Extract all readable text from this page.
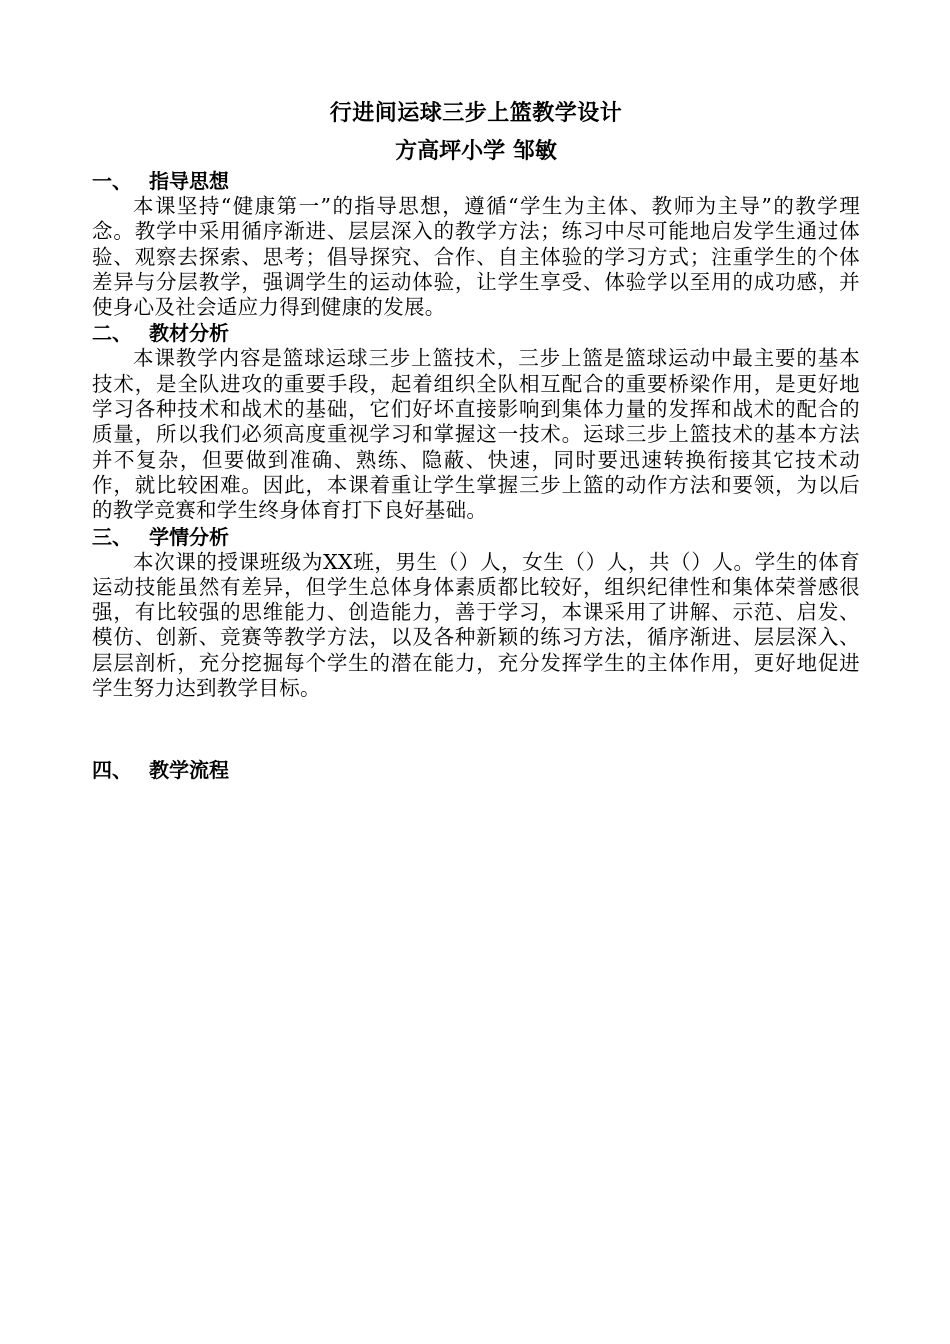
行进间运球三步上篮教学设计
方高坪小学 邹敏
一、 指导思想

本课坚持“健康第一”的指导思想，遵循“学生为主体、教师为主导”的教学理念。教学中采用循序渐进、层层深入的教学方法；练习中尽可能地启发学生通过体验、观察去探索、思考；倡导探究、合作、自主体验的学习方式；注重学生的个体差异与分层教学，强调学生的运动体验，让学生享受、体验学以至用的成功感，并使身心及社会适应力得到健康的发展。

二、 教材分析

本课教学内容是篮球运球三步上篮技术，三步上篮是篮球运动中最主要的基本技术，是全队进攻的重要手段，起着组织全队相互配合的重要桥梁作用，是更好地学习各种技术和战术的基础，它们好坏直接影响到集体力量的发挥和战术的配合的质量，所以我们必须高度重视学习和掌握这一技术。运球三步上篮技术的基本方法并不复杂，但要做到准确、熟练、隐蔽、快速，同时要迅速转换衔接其它技术动作，就比较困难。因此，本课着重让学生掌握三步上篮的动作方法和要领，为以后的教学竞赛和学生终身体育打下良好基础。

三、 学情分析

本次课的授课班级为XX班，男生（）人，女生（）人，共（）人。学生的体育运动技能虽然有差异，但学生总体身体素质都比较好，组织纪律性和集体荣誉感很强，有比较强的思维能力、创造能力，善于学习，本课采用了讲解、示范、启发、模仿、创新、竞赛等教学方法，以及各种新颖的练习方法，循序渐进、层层深入、层层剖析，充分挖掘每个学生的潜在能力，充分发挥学生的主体作用，更好地促进学生努力达到教学目标。

四、 教学流程
